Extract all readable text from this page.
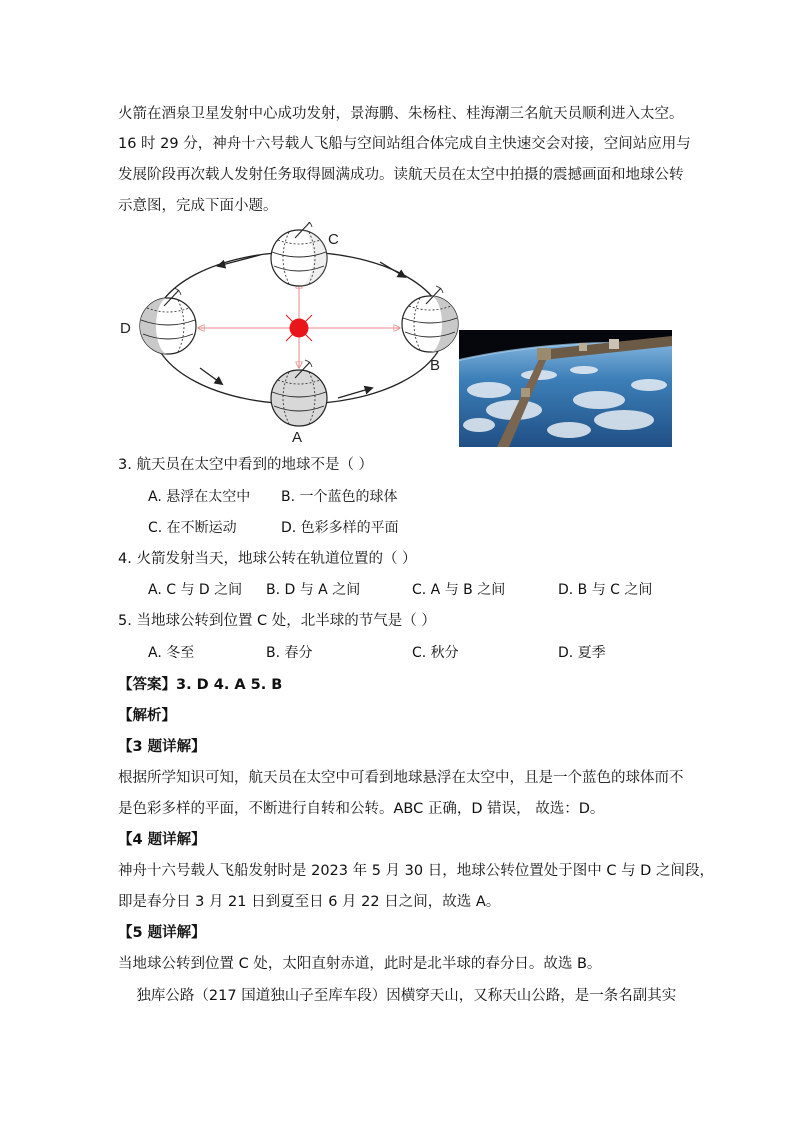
火箭在酒泉卫星发射中心成功发射，景海鹏、朱杨柱、桂海潮三名航天员顺利进入太空。
16 时 29 分，神舟十六号载人飞船与空间站组合体完成自主快速交会对接，空间站应用与
发展阶段再次载人发射任务取得圆满成功。读航天员在太空中拍摄的震撼画面和地球公转
示意图，完成下面小题。
C
A
D
B
3. 航天员在太空中看到的地球不是（ ）
A. 悬浮在太空中 B. 一个蓝色的球体
C. 在不断运动	D. 色彩多样的平面
4. 火箭发射当天，地球公转在轨道位置的（ ）
A. C 与 D 之间 B. D 与 A 之间	C. A 与 B 之间	D. B 与 C 之间
5. 当地球公转到位置 C 处，北半球的节气是（ ）
A. 冬至	B. 春分	C. 秋分	D. 夏季
【答案】3. D 4. A 5. B
【解析】
【3 题详解】
根据所学知识可知，航天员在太空中可看到地球悬浮在太空中，且是一个蓝色的球体而不
是色彩多样的平面，不断进行自转和公转。ABC 正确，D 错误， 故选：D。
【4 题详解】
神舟十六号载人飞船发射时是 2023 年 5 月 30 日，地球公转位置处于图中 C 与 D 之间段，
即是春分日 3 月 21 日到夏至日 6 月 22 日之间，故选 A。
【5 题详解】
当地球公转到位置 C 处，太阳直射赤道，此时是北半球的春分日。故选 B。
独库公路（217 国道独山子至库车段）因横穿天山，又称天山公路，是一条名副其实
